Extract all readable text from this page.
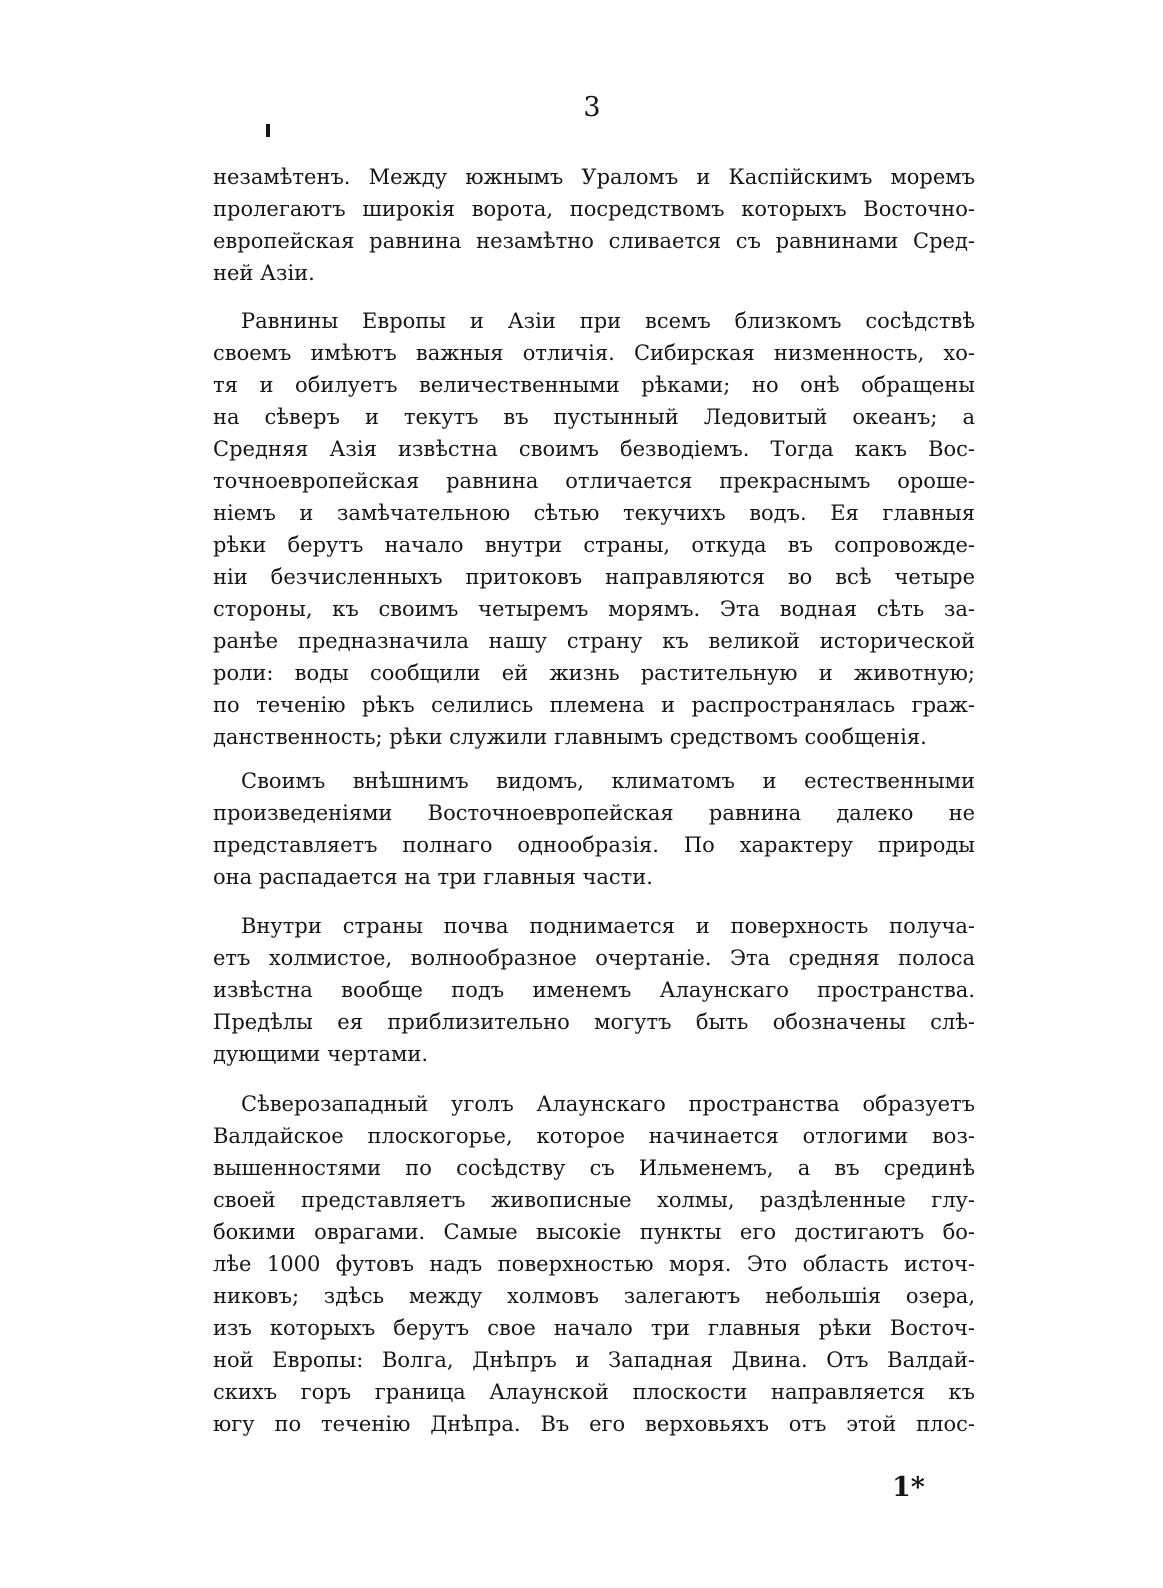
3
незамѣтенъ. Между южнымъ Ураломъ и Каспійскимъ моремъ
пролегаютъ широкія ворота, посредствомъ которыхъ Восточно-
европейская равнина незамѣтно сливается съ равнинами Сред-
ней Азіи.
Равнины Европы и Азіи при всемъ близкомъ сосѣдствѣ
своемъ имѣютъ важныя отличія. Сибирская низменность, хо-
тя и обилуетъ величественными рѣками; но онѣ обращены
на сѣверъ и текутъ въ пустынный Ледовитый океанъ; а
Средняя Азія извѣстна своимъ безводіемъ. Тогда какъ Вос-
точноевропейская равнина отличается прекраснымъ ороше-
ніемъ и замѣчательною сѣтью текучихъ водъ. Ея главныя
рѣки берутъ начало внутри страны, откуда въ сопровожде-
ніи безчисленныхъ притоковъ направляются во всѣ четыре
стороны, къ своимъ четыремъ морямъ. Эта водная сѣть за-
ранѣе предназначила нашу страну къ великой исторической
роли: воды сообщили ей жизнь растительную и животную;
по теченію рѣкъ селились племена и распространялась граж-
данственность; рѣки служили главнымъ средствомъ сообщенія.
Своимъ внѣшнимъ видомъ, климатомъ и естественными
произведеніями Восточноевропейская равнина далеко не
представляетъ полнаго однообразія. По характеру природы
она распадается на три главныя части.
Внутри страны почва поднимается и поверхность получа-
етъ холмистое, волнообразное очертаніе. Эта средняя полоса
извѣстна вообще подъ именемъ Алаунскаго пространства.
Предѣлы ея приблизительно могутъ быть обозначены слѣ-
дующими чертами.
Сѣверозападный уголъ Алаунскаго пространства образуетъ
Валдайское плоскогорье, которое начинается отлогими воз-
вышенностями по сосѣдству съ Ильменемъ, а въ срединѣ
своей представляетъ живописные холмы, раздѣленные глу-
бокими оврагами. Самые высокіе пункты его достигаютъ бо-
лѣе 1000 футовъ надъ поверхностью моря. Это область источ-
никовъ; здѣсь между холмовъ залегаютъ небольшія озера,
изъ которыхъ берутъ свое начало три главныя рѣки Восточ-
ной Европы: Волга, Днѣпръ и Западная Двина. Отъ Валдай-
скихъ горъ граница Алаунской плоскости направляется къ
югу по теченію Днѣпра. Въ его верховьяхъ отъ этой плос-
1*
